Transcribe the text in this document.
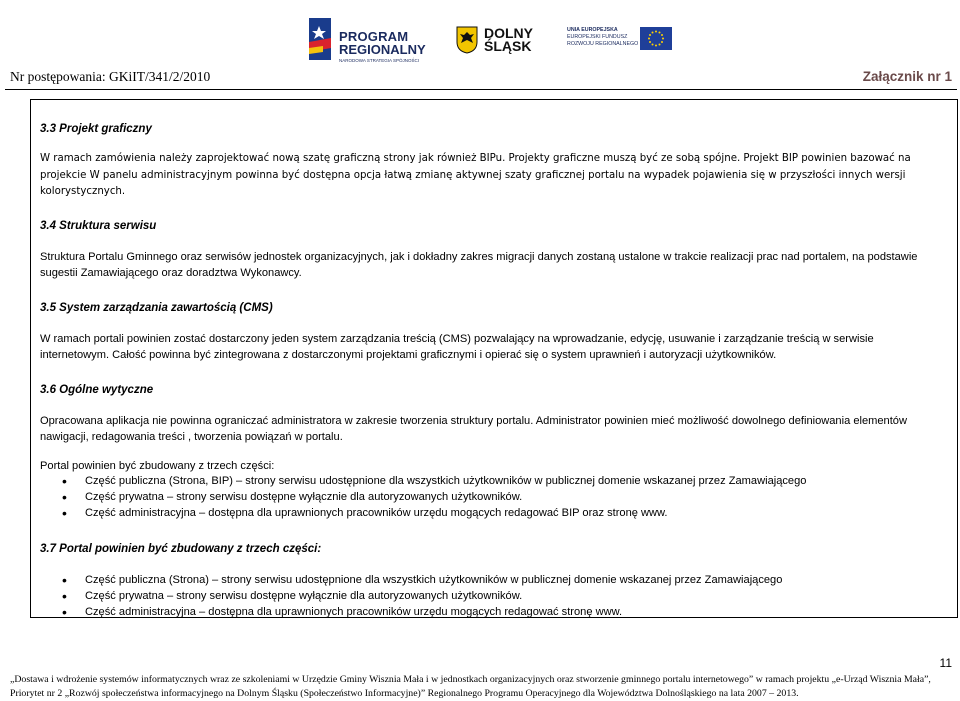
PROGRAM
REGIONALNY
NARODOWA STRATEGIA SPÓJNOŚCI
DOLNY
ŚLĄSK
UNIA EUROPEJSKA
EUROPEJSKI FUNDUSZ
ROZWOJU REGIONALNEGO
Nr postępowania: GKiIT/341/2/2010	Załącznik nr 1
3.3 Projekt graficzny
W ramach zamówienia należy zaprojektować nową szatę graficzną strony jak również BIPu. Projekty graficzne muszą być ze sobą spójne. Projekt BIP powinien bazować na projekcie W panelu administracyjnym powinna być dostępna opcja łatwą zmianę aktywnej szaty graficznej portalu na wypadek pojawienia się w przyszłości innych wersji kolorystycznych.
3.4 Struktura serwisu
Struktura Portalu Gminnego oraz serwisów jednostek organizacyjnych, jak i dokładny zakres migracji danych zostaną ustalone w trakcie realizacji prac nad portalem, na podstawie sugestii Zamawiającego oraz doradztwa Wykonawcy.
3.5 System zarządzania zawartością (CMS)
W ramach portali powinien zostać dostarczony jeden system zarządzania treścią (CMS) pozwalający na wprowadzanie, edycję, usuwanie i zarządzanie treścią w serwisie internetowym. Całość powinna być zintegrowana z dostarczonymi projektami graficznymi i opierać się o system uprawnień i autoryzacji użytkowników.
3.6 Ogólne wytyczne
Opracowana aplikacja nie powinna ograniczać administratora w zakresie tworzenia struktury portalu. Administrator powinien mieć możliwość dowolnego definiowania elementów nawigacji, redagowania treści , tworzenia powiązań w portalu.
Portal powinien być zbudowany z trzech części:
• Część publiczna (Strona, BIP) – strony serwisu udostępnione dla wszystkich użytkowników w publicznej domenie wskazanej przez Zamawiającego
• Część prywatna – strony serwisu dostępne wyłącznie dla autoryzowanych użytkowników.
• Część administracyjna – dostępna dla uprawnionych pracowników urzędu mogących redagować BIP oraz stronę www.
3.7 Portal powinien być zbudowany z trzech części:
• Część publiczna (Strona) – strony serwisu udostępnione dla wszystkich użytkowników w publicznej domenie wskazanej przez Zamawiającego
• Część prywatna – strony serwisu dostępne wyłącznie dla autoryzowanych użytkowników.
• Część administracyjna – dostępna dla uprawnionych pracowników urzędu mogących redagować stronę www.
11
„Dostawa i wdrożenie systemów informatycznych wraz ze szkoleniami w Urzędzie Gminy Wisznia Mała i w jednostkach organizacyjnych oraz stworzenie gminnego portalu internetowego” w ramach projektu „e-Urząd Wisznia Mała”,
Priorytet nr 2 „Rozwój społeczeństwa informacyjnego na Dolnym Śląsku (Społeczeństwo Informacyjne)” Regionalnego Programu Operacyjnego dla Województwa Dolnośląskiego na lata 2007 – 2013.
